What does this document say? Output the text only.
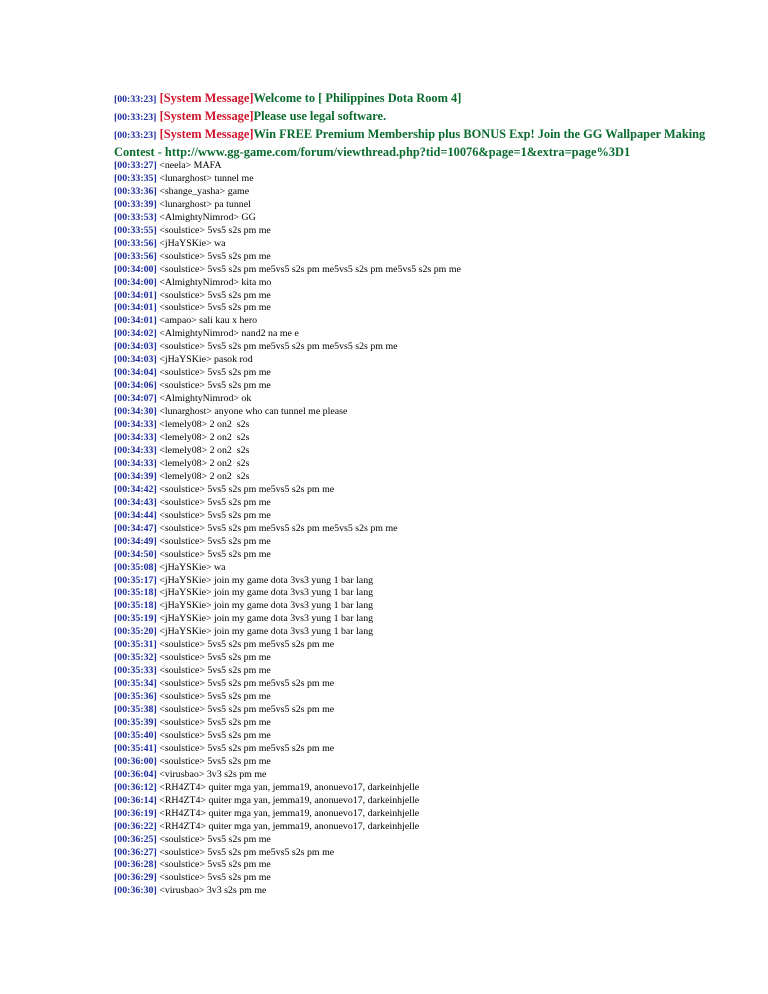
[00:33:23] [System Message]Welcome to [ Philippines Dota Room 4]
[00:33:23] [System Message]Please use legal software.
[00:33:23] [System Message]Win FREE Premium Membership plus BONUS Exp! Join the GG Wallpaper Making Contest - http://www.gg-game.com/forum/viewthread.php?tid=10076&page=1&extra=page%3D1
[00:33:27] <neela> MAFA
[00:33:35] <lunarghost> tunnel me
[00:33:36] <shange_yasha> game
[00:33:39] <lunarghost> pa tunnel
[00:33:53] <AlmightyNimrod> GG
[00:33:55] <soulstice> 5vs5 s2s pm me
[00:33:56] <jHaYSKie> wa
[00:33:56] <soulstice> 5vs5 s2s pm me
[00:34:00] <soulstice> 5vs5 s2s pm me5vs5 s2s pm me5vs5 s2s pm me5vs5 s2s pm me
[00:34:00] <AlmightyNimrod> kita mo
[00:34:01] <soulstice> 5vs5 s2s pm me
[00:34:01] <soulstice> 5vs5 s2s pm me
[00:34:01] <ampao> sali kau x hero
[00:34:02] <AlmightyNimrod> nand2 na me e
[00:34:03] <soulstice> 5vs5 s2s pm me5vs5 s2s pm me5vs5 s2s pm me
[00:34:03] <jHaYSKie> pasok rod
[00:34:04] <soulstice> 5vs5 s2s pm me
[00:34:06] <soulstice> 5vs5 s2s pm me
[00:34:07] <AlmightyNimrod> ok
[00:34:30] <lunarghost> anyone who can tunnel me please
[00:34:33] <lemely08> 2 on2  s2s
[00:34:33] <lemely08> 2 on2  s2s
[00:34:33] <lemely08> 2 on2  s2s
[00:34:33] <lemely08> 2 on2  s2s
[00:34:39] <lemely08> 2 on2  s2s
[00:34:42] <soulstice> 5vs5 s2s pm me5vs5 s2s pm me
[00:34:43] <soulstice> 5vs5 s2s pm me
[00:34:44] <soulstice> 5vs5 s2s pm me
[00:34:47] <soulstice> 5vs5 s2s pm me5vs5 s2s pm me5vs5 s2s pm me
[00:34:49] <soulstice> 5vs5 s2s pm me
[00:34:50] <soulstice> 5vs5 s2s pm me
[00:35:08] <jHaYSKie> wa
[00:35:17] <jHaYSKie> join my game dota 3vs3 yung 1 bar lang
[00:35:18] <jHaYSKie> join my game dota 3vs3 yung 1 bar lang
[00:35:18] <jHaYSKie> join my game dota 3vs3 yung 1 bar lang
[00:35:19] <jHaYSKie> join my game dota 3vs3 yung 1 bar lang
[00:35:20] <jHaYSKie> join my game dota 3vs3 yung 1 bar lang
[00:35:31] <soulstice> 5vs5 s2s pm me5vs5 s2s pm me
[00:35:32] <soulstice> 5vs5 s2s pm me
[00:35:33] <soulstice> 5vs5 s2s pm me
[00:35:34] <soulstice> 5vs5 s2s pm me5vs5 s2s pm me
[00:35:36] <soulstice> 5vs5 s2s pm me
[00:35:38] <soulstice> 5vs5 s2s pm me5vs5 s2s pm me
[00:35:39] <soulstice> 5vs5 s2s pm me
[00:35:40] <soulstice> 5vs5 s2s pm me
[00:35:41] <soulstice> 5vs5 s2s pm me5vs5 s2s pm me
[00:36:00] <soulstice> 5vs5 s2s pm me
[00:36:04] <virusbao> 3v3 s2s pm me
[00:36:12] <RH4ZT4> quiter mga yan, jemma19, anonuevo17, darkeinhjelle
[00:36:14] <RH4ZT4> quiter mga yan, jemma19, anonuevo17, darkeinhjelle
[00:36:19] <RH4ZT4> quiter mga yan, jemma19, anonuevo17, darkeinhjelle
[00:36:22] <RH4ZT4> quiter mga yan, jemma19, anonuevo17, darkeinhjelle
[00:36:25] <soulstice> 5vs5 s2s pm me
[00:36:27] <soulstice> 5vs5 s2s pm me5vs5 s2s pm me
[00:36:28] <soulstice> 5vs5 s2s pm me
[00:36:29] <soulstice> 5vs5 s2s pm me
[00:36:30] <virusbao> 3v3 s2s pm me
